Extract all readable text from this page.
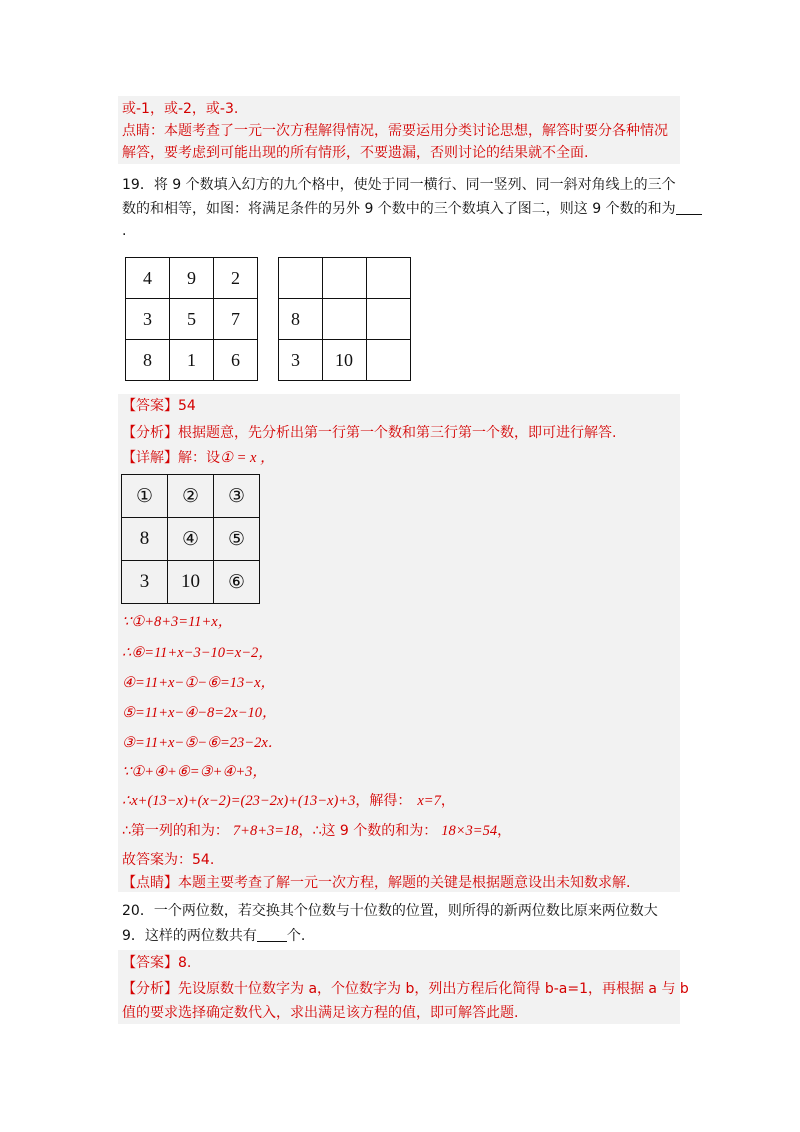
或-1，或-2，或-3.
点睛：本题考查了一元一次方程解得情况，需要运用分类讨论思想，解答时要分各种情况
解答，要考虑到可能出现的所有情形，不要遗漏，否则讨论的结果就不全面.
19．将 9 个数填入幻方的九个格中，使处于同一横行、同一竖列、同一斜对角线上的三个
数的和相等，如图：将满足条件的另外 9 个数中的三个数填入了图二，则这 9 个数的和为
.
4	9	2
3	5	7
8	1	6

8		
3	10	
【答案】54
【分析】根据题意，先分析出第一行第一个数和第三行第一个数，即可进行解答.
【详解】解：设① = x ，
①	②	③
8	④	⑤
3	10	⑥
∵①+8+3=11+x，
∴⑥=11+x−3−10=x−2，
④=11+x−①−⑥=13−x，
⑤=11+x−④−8=2x−10，
③=11+x−⑤−⑥=23−2x．
∵①+④+⑥=③+④+3，
∴x+(13−x)+(x−2)=(23−2x)+(13−x)+3，解得： x=7，
∴第一列的和为： 7+8+3=18，∴这 9 个数的和为： 18×3=54，
故答案为：54.
【点睛】本题主要考查了解一元一次方程，解题的关键是根据题意设出未知数求解.
20．一个两位数，若交换其个位数与十位数的位置，则所得的新两位数比原来两位数大
9．这样的两位数共有 个.
【答案】8.
【分析】先设原数十位数字为 a，个位数字为 b，列出方程后化简得 b-a=1，再根据 a 与 b
值的要求选择确定数代入，求出满足该方程的值，即可解答此题.
